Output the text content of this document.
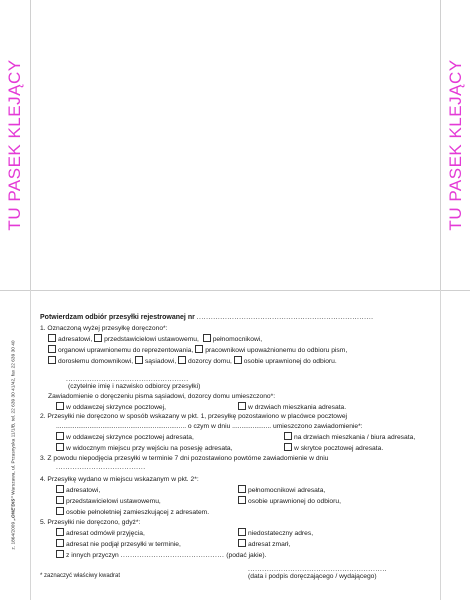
TU PASEK KLEJĄCY	TU PASEK KLEJĄCY
z. 1864/2009 „ONE'DIS” Warszawa, ul. Przasnyska 11/1/B, tel. 22 639 30 41/42, fax 22 639 30 40
Potwierdzam odbiór przesyłki rejestrowanej nr ...........................................................................
1. Oznaczoną wyżej przesyłkę doręczono*:
adresatowi, przedstawicielowi ustawowemu, pełnomocnikowi,
organowi uprawnionemu do reprezentowania, pracownikowi upoważnionemu do odbioru pism,
dorosłemu domownikowi, sąsiadowi, dozorcy domu, osobie uprawnionej do odbioru.
....................................................
(czytelnie imię i nazwisko odbiorcy przesyłki)
Zawiadomienie o doręczeniu pisma sąsiadowi, dozorcy domu umieszczono*:
w oddawczej skrzynce pocztowej,	w drzwiach mieszkania adresata.
2. Przesyłki nie doręczono w sposób wskazany w pkt. 1, przesyłkę pozostawiono w placówce pocztowej
...................................................................... o czym w dniu ..................... umieszczono zawiadomienie*:
w oddawczej skrzynce pocztowej adresata,	na drzwiach mieszkania / biura adresata,
w widocznym miejscu przy wejściu na posesję adresata,	w skrytce pocztowej adresata.
3. Z powodu niepodjęcia przesyłki w terminie 7 dni pozostawiono powtórne zawiadomienie w dniu
......................................
4. Przesyłkę wydano w miejscu wskazanym w pkt. 2*:
adresatowi,	pełnomocnikowi adresata,
przedstawicielowi ustawowemu,	osobie uprawnionej do odbioru,
osobie pełnoletniej zamieszkującej z adresatem.
5. Przesyłki nie doręczono, gdyż*:
adresat odmówił przyjęcia,	niedostateczny adres,
adresat nie podjął przesyłki w terminie,	adresat zmarł,
z innych przyczyn ............................................ (podać jakie).
* zaznaczyć właściwy kwadrat
...........................................................
(data i podpis doręczającego / wydającego)
